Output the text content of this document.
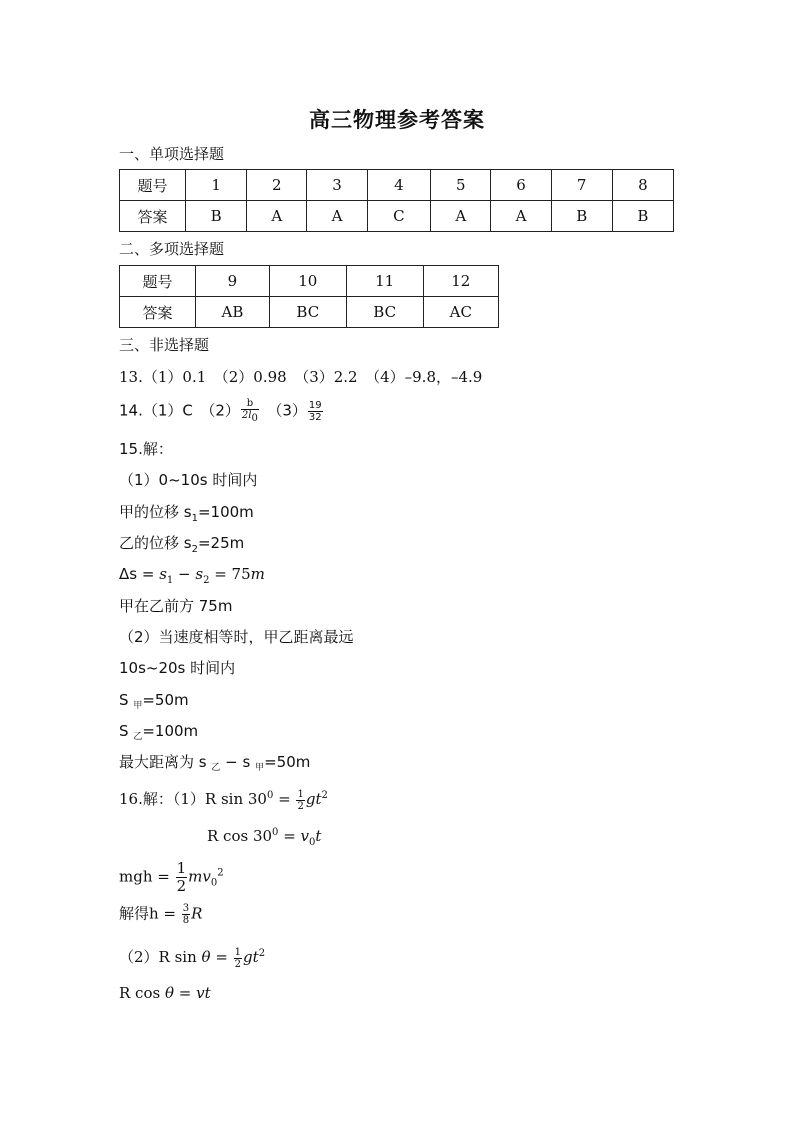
高三物理参考答案
一、单项选择题
题号	1	2	3	4	5	6	7	8
答案	B	A	A	C	A	A	B	B
二、多项选择题
题号	9	10	11	12
答案	AB	BC	BC	AC
三、非选择题
13.（1）0.1　（2）0.98　（3）2.2　（4）–9.8，–4.9
14.（1）C　$(2) \frac{b}{2l_0}$ 　$(3) \frac{19}{32}$
15.解：
（1）0~10s 时间内
甲的位移 $s_1=100m$
乙的位移 $s_2=25m$
$\Delta s = s_1 - s_2 = 75m$
甲在乙前方 75m
（2）当速度相等时，甲乙距离最远
10s~20s 时间内
S $_甲$=50m
S $_乙$=100m
最大距离为 s $_乙$ − s $_甲$=50m
16.解：（1）R $\sin 30^0 = \frac{1}{2} gt^2$
R $\cos 30^0 = v_0t$
mgh = $\frac{1}{2} mv_0^2$
解得$h = \frac{3}{8}$ R
（2）R $\sin \theta = \frac{1}{2} gt^2$
R cos θ = vt
